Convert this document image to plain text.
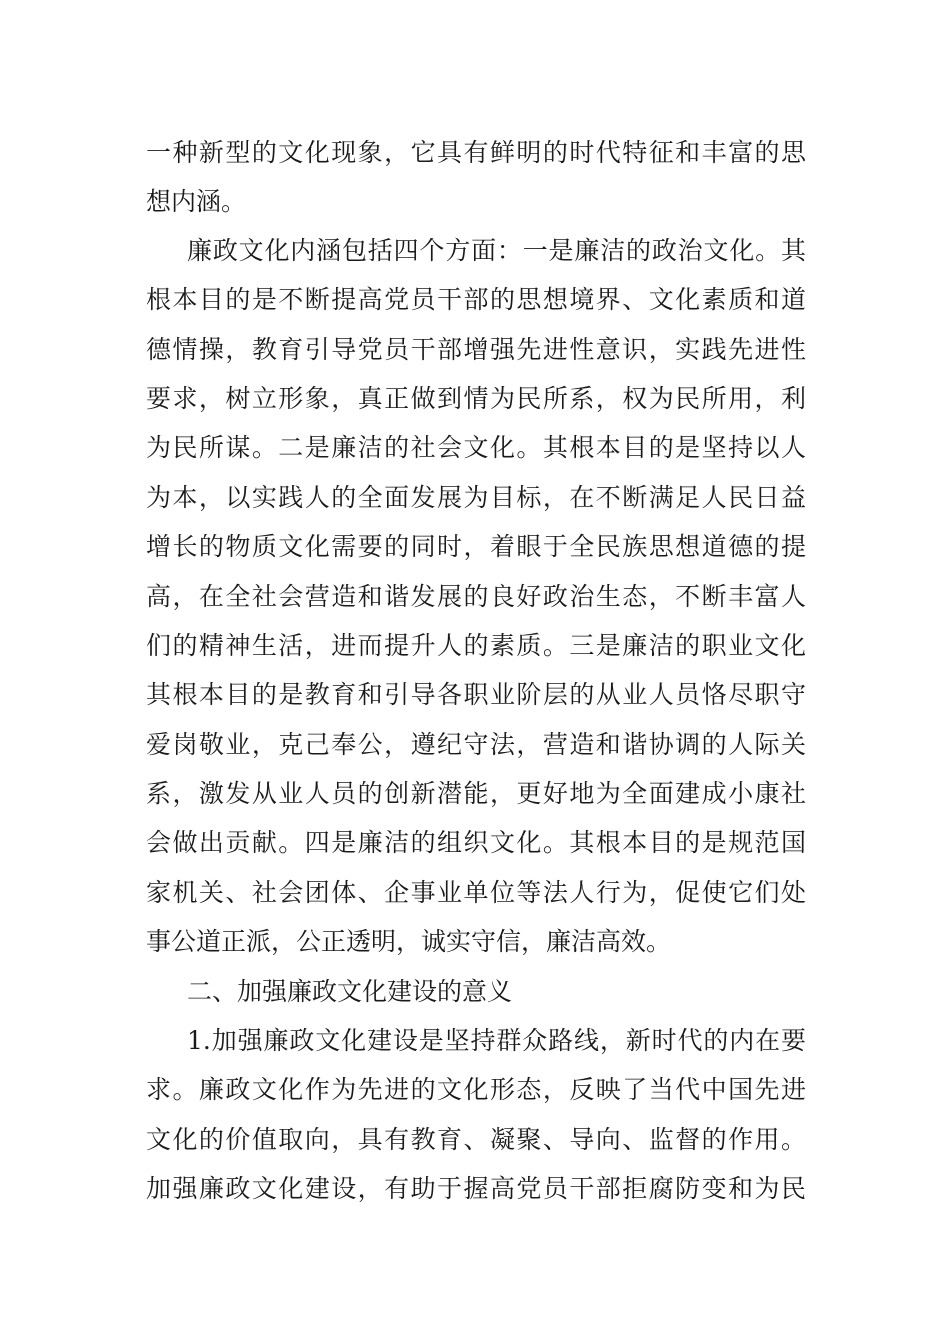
一种新型的文化现象，它具有鲜明的时代特征和丰富的思
想内涵。
廉政文化内涵包括四个方面：一是廉洁的政治文化。其
根本目的是不断提高党员干部的思想境界、文化素质和道
德情操，教育引导党员干部增强先进性意识，实践先进性
要求，树立形象，真正做到情为民所系，权为民所用，利
为民所谋。二是廉洁的社会文化。其根本目的是坚持以人
为本，以实践人的全面发展为目标，在不断满足人民日益
增长的物质文化需要的同时，着眼于全民族思想道德的提
高，在全社会营造和谐发展的良好政治生态，不断丰富人
们的精神生活，进而提升人的素质。三是廉洁的职业文化
其根本目的是教育和引导各职业阶层的从业人员恪尽职守
爱岗敬业，克己奉公，遵纪守法，营造和谐协调的人际关
系，激发从业人员的创新潜能，更好地为全面建成小康社
会做出贡献。四是廉洁的组织文化。其根本目的是规范国
家机关、社会团体、企事业单位等法人行为，促使它们处
事公道正派，公正透明，诚实守信，廉洁高效。
二、加强廉政文化建设的意义
1.加强廉政文化建设是坚持群众路线，新时代的内在要
求。廉政文化作为先进的文化形态，反映了当代中国先进
文化的价值取向，具有教育、凝聚、导向、监督的作用。
加强廉政文化建设，有助于握高党员干部拒腐防变和为民
